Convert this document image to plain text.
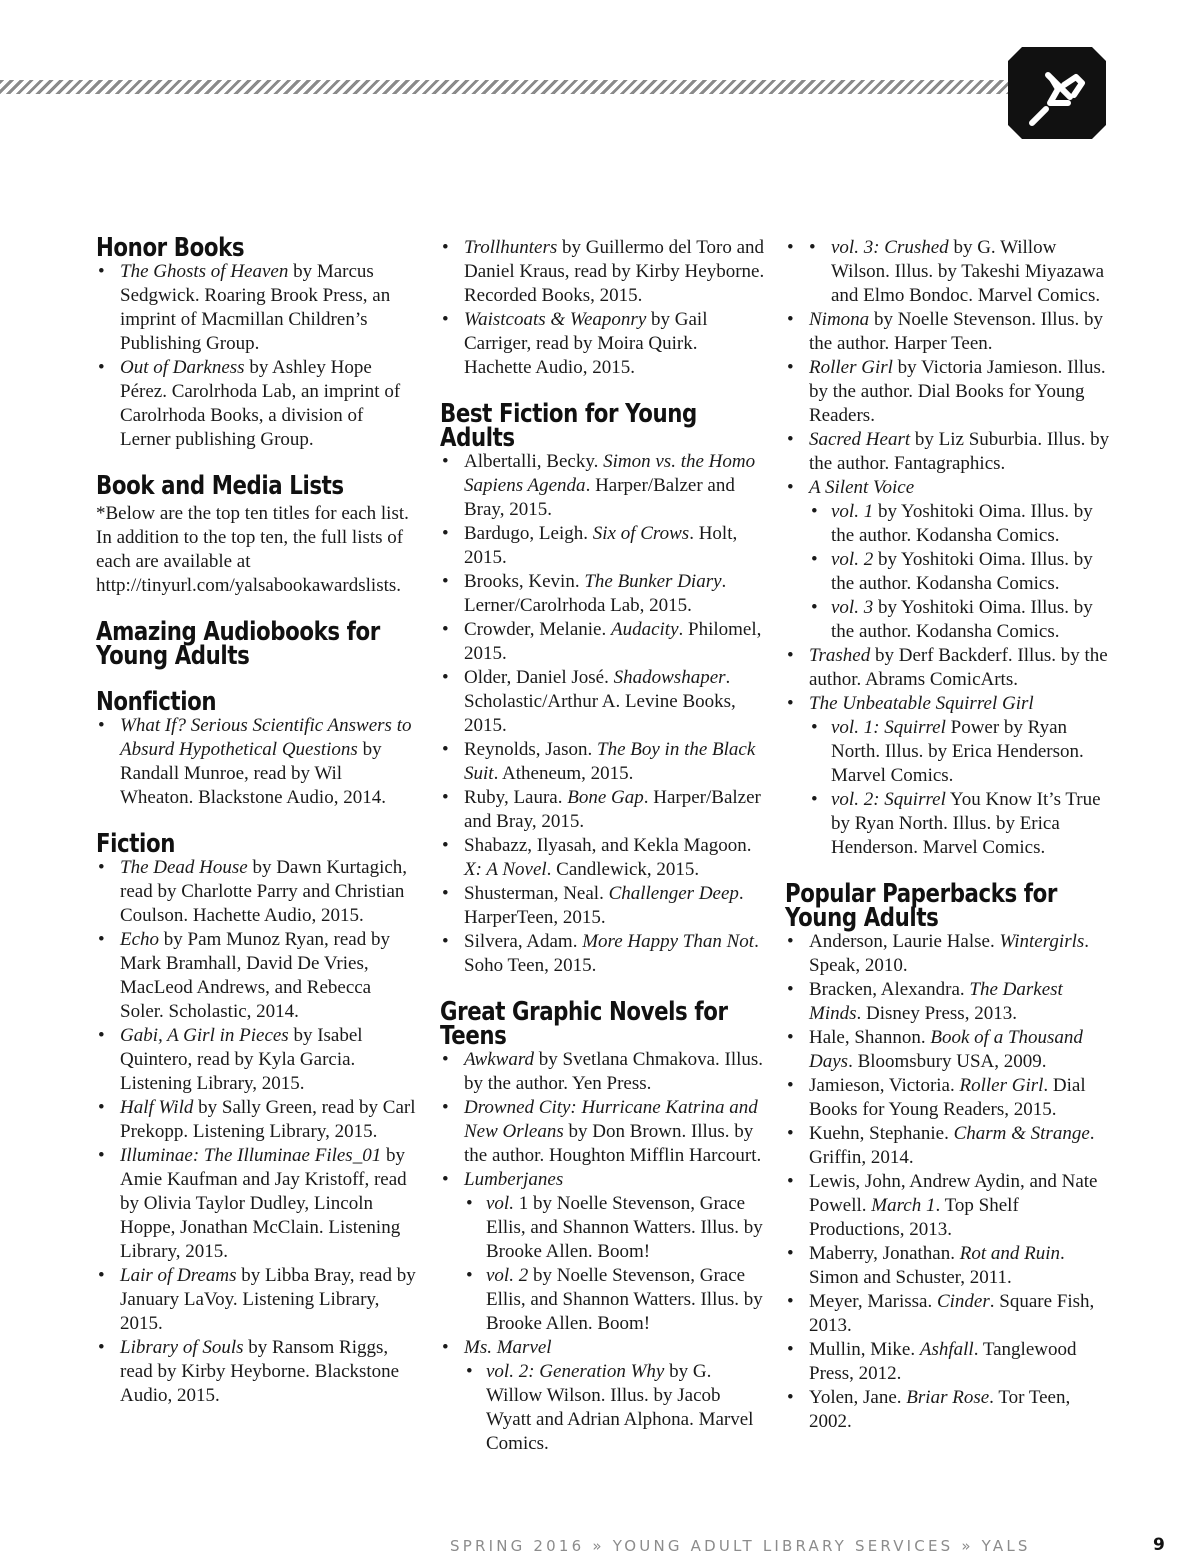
Honor Books
• The Ghosts of Heaven by Marcus Sedgwick. Roaring Brook Press, an imprint of Macmillan Children’s Publishing Group.
• Out of Darkness by Ashley Hope Pérez. Carolrhoda Lab, an imprint of Carolrhoda Books, a division of Lerner publishing Group.
Book and Media Lists

*Below are the top ten titles for each list. In addition to the top ten, the full lists of each are available at http://tinyurl.com/yalsabookawardslists.

Amazing Audiobooks for Young Adults
Nonfiction
• What If? Serious Scientific Answers to Absurd Hypothetical Questions by Randall Munroe, read by Wil Wheaton. Blackstone Audio, 2014.
Fiction
• The Dead House by Dawn Kurtagich, read by Charlotte Parry and Christian Coulson. Hachette Audio, 2015.
• Echo by Pam Munoz Ryan, read by Mark Bramhall, David De Vries, MacLeod Andrews, and Rebecca Soler. Scholastic, 2014.
• Gabi, A Girl in Pieces by Isabel Quintero, read by Kyla Garcia. Listening Library, 2015.
• Half Wild by Sally Green, read by Carl Prekopp. Listening Library, 2015.
• Illuminae: The Illuminae Files_01 by Amie Kaufman and Jay Kristoff, read by Olivia Taylor Dudley, Lincoln Hoppe, Jonathan McClain. Listening Library, 2015.
• Lair of Dreams by Libba Bray, read by January LaVoy. Listening Library, 2015.
• Library of Souls by Ransom Riggs, read by Kirby Heyborne. Blackstone Audio, 2015.
• Trollhunters by Guillermo del Toro and Daniel Kraus, read by Kirby Heyborne. Recorded Books, 2015.
• Waistcoats & Weaponry by Gail Carriger, read by Moira Quirk. Hachette Audio, 2015.
Best Fiction for Young Adults
• Albertalli, Becky. Simon vs. the Homo Sapiens Agenda. Harper/Balzer and Bray, 2015.
• Bardugo, Leigh. Six of Crows. Holt, 2015.
• Brooks, Kevin. The Bunker Diary. Lerner/Carolrhoda Lab, 2015.
• Crowder, Melanie. Audacity. Philomel, 2015.
• Older, Daniel José. Shadowshaper. Scholastic/Arthur A. Levine Books, 2015.
• Reynolds, Jason. The Boy in the Black Suit. Atheneum, 2015.
• Ruby, Laura. Bone Gap. Harper/Balzer and Bray, 2015.
• Shabazz, Ilyasah, and Kekla Magoon. X: A Novel. Candlewick, 2015.
• Shusterman, Neal. Challenger Deep. HarperTeen, 2015.
• Silvera, Adam. More Happy Than Not. Soho Teen, 2015.
Great Graphic Novels for Teens
• Awkward by Svetlana Chmakova. Illus. by the author. Yen Press.
• Drowned City: Hurricane Katrina and New Orleans by Don Brown. Illus. by the author. Houghton Mifflin Harcourt.
• Lumberjanes
• vol. 1 by Noelle Stevenson, Grace Ellis, and Shannon Watters. Illus. by Brooke Allen. Boom!
• vol. 2 by Noelle Stevenson, Grace Ellis, and Shannon Watters. Illus. by Brooke Allen. Boom!
• Ms. Marvel
• vol. 2: Generation Why by G. Willow Wilson. Illus. by Jacob Wyatt and Adrian Alphona. Marvel Comics.
• • vol. 3: Crushed by G. Willow Wilson. Illus. by Takeshi Miyazawa and Elmo Bondoc. Marvel Comics.
• Nimona by Noelle Stevenson. Illus. by the author. Harper Teen.
• Roller Girl by Victoria Jamieson. Illus. by the author. Dial Books for Young Readers.
• Sacred Heart by Liz Suburbia. Illus. by the author. Fantagraphics.
• A Silent Voice
• vol. 1 by Yoshitoki Oima. Illus. by the author. Kodansha Comics.
• vol. 2 by Yoshitoki Oima. Illus. by the author. Kodansha Comics.
• vol. 3 by Yoshitoki Oima. Illus. by the author. Kodansha Comics.
• Trashed by Derf Backderf. Illus. by the author. Abrams ComicArts.
• The Unbeatable Squirrel Girl
• vol. 1: Squirrel Power by Ryan North. Illus. by Erica Henderson. Marvel Comics.
• vol. 2: Squirrel You Know It’s True by Ryan North. Illus. by Erica Henderson. Marvel Comics.
Popular Paperbacks for Young Adults
• Anderson, Laurie Halse. Wintergirls. Speak, 2010.
• Bracken, Alexandra. The Darkest Minds. Disney Press, 2013.
• Hale, Shannon. Book of a Thousand Days. Bloomsbury USA, 2009.
• Jamieson, Victoria. Roller Girl. Dial Books for Young Readers, 2015.
• Kuehn, Stephanie. Charm & Strange. Griffin, 2014.
• Lewis, John, Andrew Aydin, and Nate Powell. March 1. Top Shelf Productions, 2013.
• Maberry, Jonathan. Rot and Ruin. Simon and Schuster, 2011.
• Meyer, Marissa. Cinder. Square Fish, 2013.
• Mullin, Mike. Ashfall. Tanglewood Press, 2012.
• Yolen, Jane. Briar Rose. Tor Teen, 2002.
SPRING 2016 » YOUNG ADULT LIBRARY SERVICES » YALS	9
